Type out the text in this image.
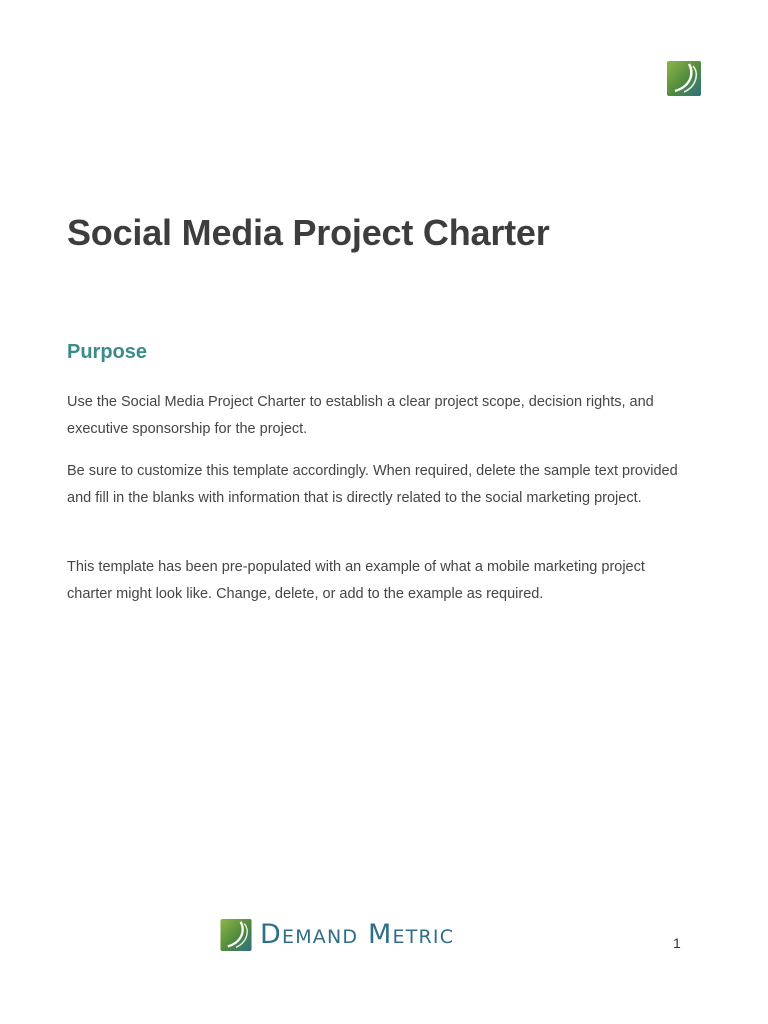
Social Media Project Charter
Purpose

Use the Social Media Project Charter to establish a clear project scope, decision rights, and executive sponsorship for the project.

Be sure to customize this template accordingly. When required, delete the sample text provided and fill in the blanks with information that is directly related to the social marketing project.

This template has been pre-populated with an example of what a mobile marketing project charter might look like. Change, delete, or add to the example as required.

Demand Metric	1
